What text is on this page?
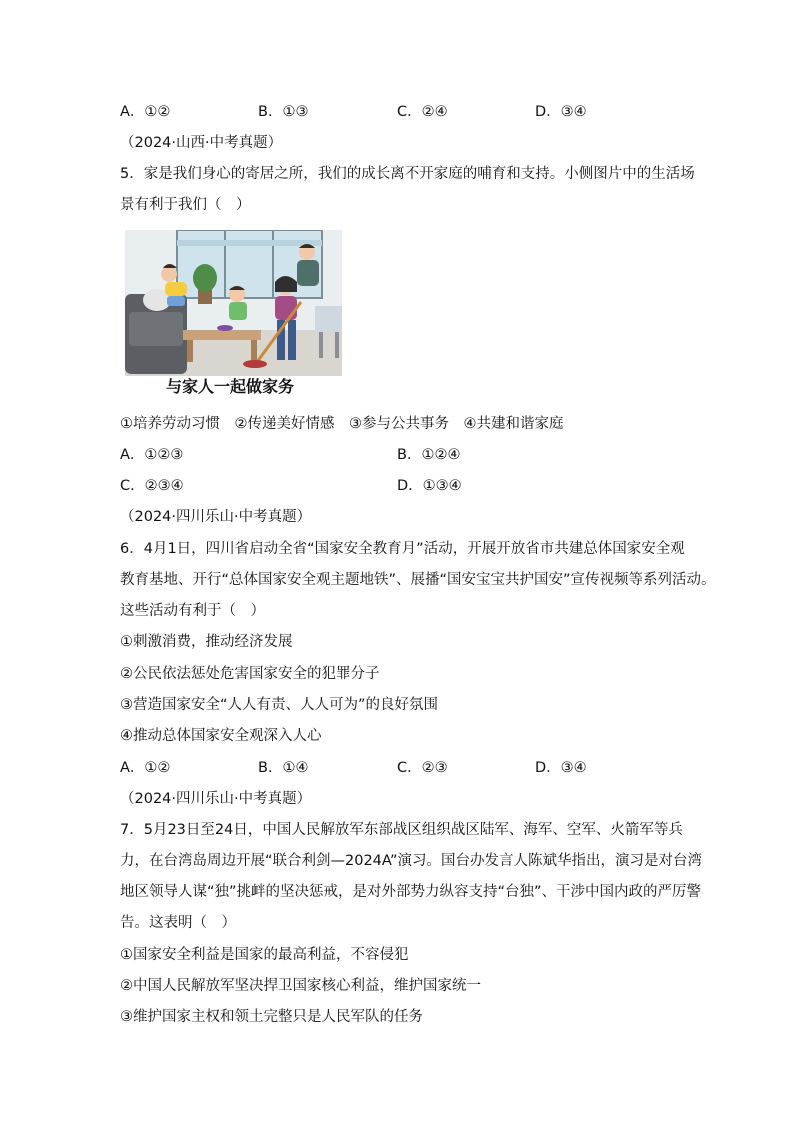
A．①②	B．①③	C．②④	D．③④
（2024·山西·中考真题）
5．家是我们身心的寄居之所，我们的成长离不开家庭的哺育和支持。小侧图片中的生活场
景有利于我们（　）
与家人一起做家务
①培养劳动习惯　②传递美好情感　③参与公共事务　④共建和谐家庭
A．①②③	B．①②④
C．②③④	D．①③④
（2024·四川乐山·中考真题）
6．4月1日，四川省启动全省“国家安全教育月”活动，开展开放省市共建总体国家安全观
教育基地、开行“总体国家安全观主题地铁”、展播“国安宝宝共护国安”宣传视频等系列活动。
这些活动有利于（　）
①刺激消费，推动经济发展
②公民依法惩处危害国家安全的犯罪分子
③营造国家安全“人人有责、人人可为”的良好氛围
④推动总体国家安全观深入人心
A．①②	B．①④	C．②③	D．③④
（2024·四川乐山·中考真题）
7．5月23日至24日，中国人民解放军东部战区组织战区陆军、海军、空军、火箭军等兵
力，在台湾岛周边开展“联合利剑—2024A”演习。国台办发言人陈斌华指出，演习是对台湾
地区领导人谋“独”挑衅的坚决惩戒，是对外部势力纵容支持“台独”、干涉中国内政的严厉警
告。这表明（　）
①国家安全利益是国家的最高利益，不容侵犯
②中国人民解放军坚决捍卫国家核心利益，维护国家统一
③维护国家主权和领土完整只是人民军队的任务
